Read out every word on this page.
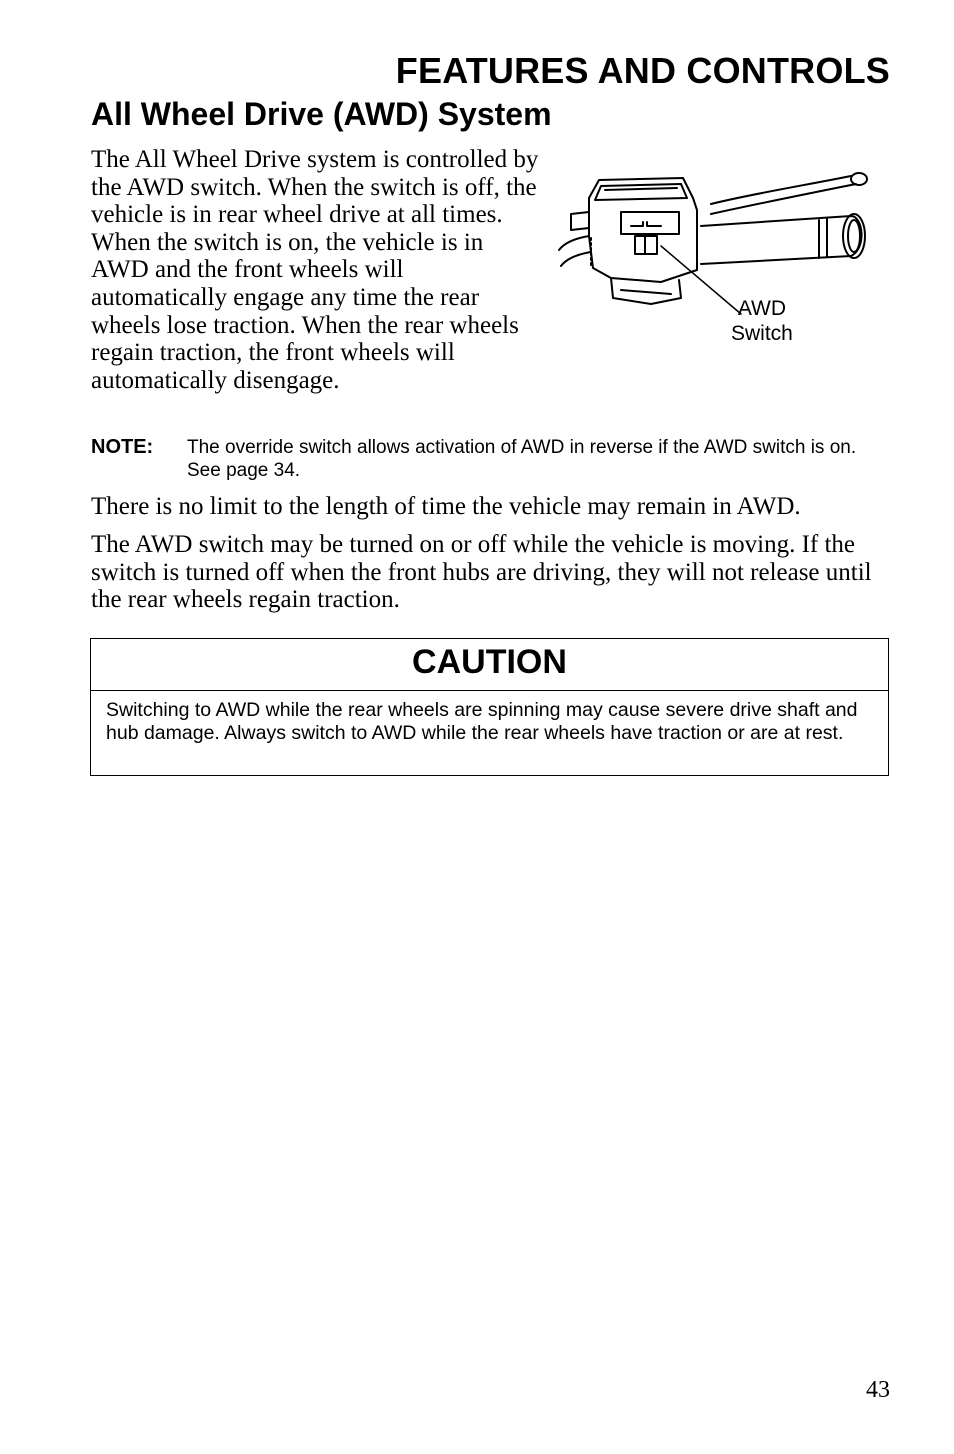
FEATURES AND CONTROLS
All Wheel Drive (AWD) System
AWD
Switch
The All Wheel Drive system is controlled by the AWD switch. When the switch is off, the vehicle is in rear wheel drive at all times. When the switch is on, the vehicle is in AWD and the front wheels will automatically engage any time the rear wheels lose traction. When the rear wheels regain traction, the front wheels will automatically disengage.
NOTE: The override switch allows activation of AWD in reverse if the AWD switch is on. See page 34.

There is no limit to the length of time the vehicle may remain in AWD.

The AWD switch may be turned on or off while the vehicle is moving. If the switch is turned off when the front hubs are driving, they will not release until the rear wheels regain traction.

CAUTION
Switching to AWD while the rear wheels are spinning may cause severe drive shaft and hub damage. Always switch to AWD while the rear wheels have traction or are at rest.
43
